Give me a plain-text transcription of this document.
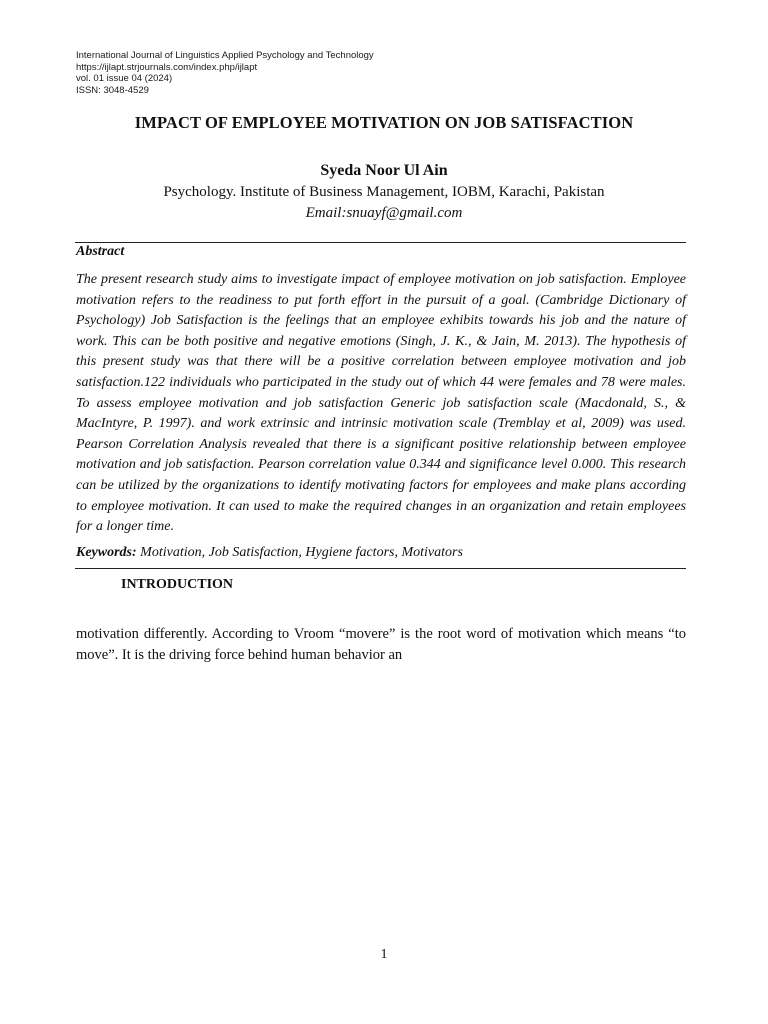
International Journal of Linguistics Applied Psychology and Technology
https://ijlapt.strjournals.com/index.php/ijlapt
vol. 01 issue 04 (2024)
ISSN: 3048-4529
IMPACT OF EMPLOYEE MOTIVATION ON JOB SATISFACTION
Syeda Noor Ul Ain
Psychology. Institute of Business Management, IOBM, Karachi, Pakistan
Email:snuayf@gmail.com
Abstract

The present research study aims to investigate impact of employee motivation on job satisfaction. Employee motivation refers to the readiness to put forth effort in the pursuit of a goal. (Cambridge Dictionary of Psychology) Job Satisfaction is the feelings that an employee exhibits towards his job and the nature of work. This can be both positive and negative emotions (Singh, J. K., & Jain, M. 2013). The hypothesis of this present study was that there will be a positive correlation between employee motivation and job satisfaction.122 individuals who participated in the study out of which 44 were females and 78 were males. To assess employee motivation and job satisfaction Generic job satisfaction scale (Macdonald, S., & MacIntyre, P. 1997). and work extrinsic and intrinsic motivation scale (Tremblay et al, 2009) was used. Pearson Correlation Analysis revealed that there is a significant positive relationship between employee motivation and job satisfaction. Pearson correlation value 0.344 and significance level 0.000. This research can be utilized by the organizations to identify motivating factors for employees and make plans according to employee motivation. It can used to make the required changes in an organization and retain employees for a longer time.

Keywords: Motivation, Job Satisfaction, Hygiene factors, Motivators
INTRODUCTION

motivation differently. According to Vroom “movere” is the root word of motivation which means “to move”. It is the driving force behind human behavior an

1
